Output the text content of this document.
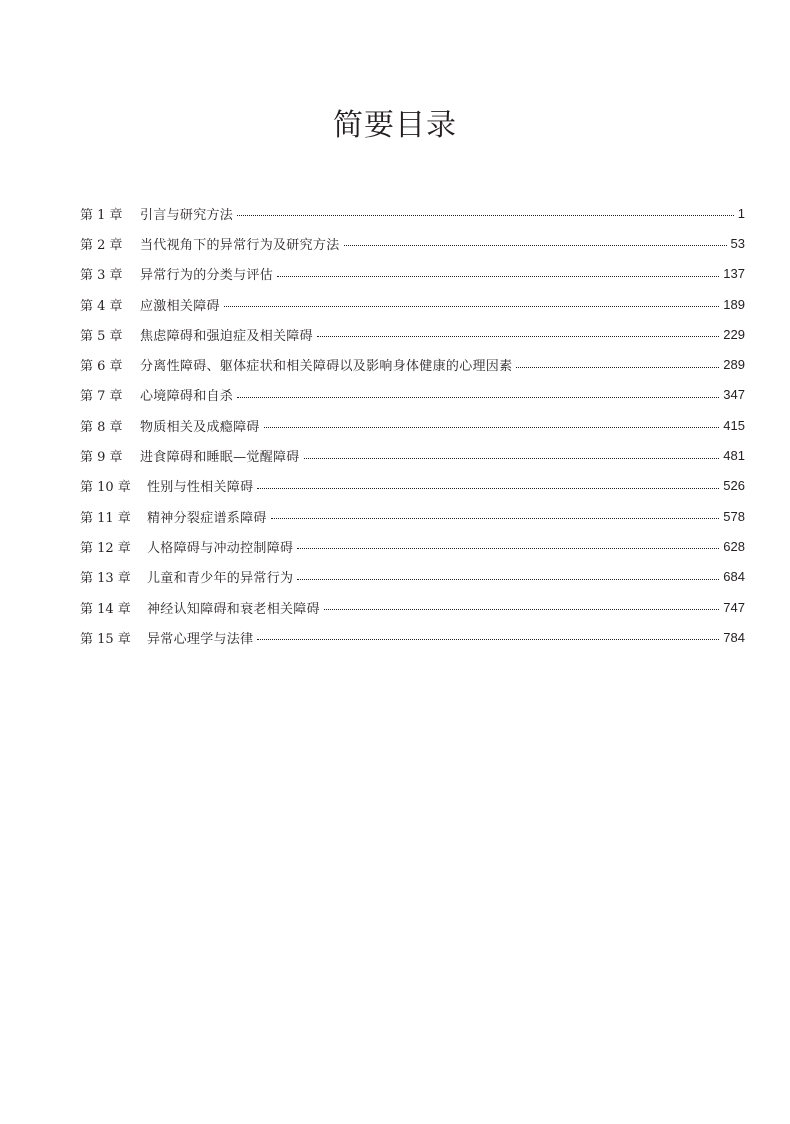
简要目录
第 1 章	引言与研究方法	1
第 2 章	当代视角下的异常行为及研究方法	53
第 3 章	异常行为的分类与评估	137
第 4 章	应激相关障碍	189
第 5 章	焦虑障碍和强迫症及相关障碍	229
第 6 章	分离性障碍、躯体症状和相关障碍以及影响身体健康的心理因素	289
第 7 章	心境障碍和自杀	347
第 8 章	物质相关及成瘾障碍	415
第 9 章	进食障碍和睡眠—觉醒障碍	481
第 10 章	性别与性相关障碍	526
第 11 章	精神分裂症谱系障碍	578
第 12 章	人格障碍与冲动控制障碍	628
第 13 章	儿童和青少年的异常行为	684
第 14 章	神经认知障碍和衰老相关障碍	747
第 15 章	异常心理学与法律	784
